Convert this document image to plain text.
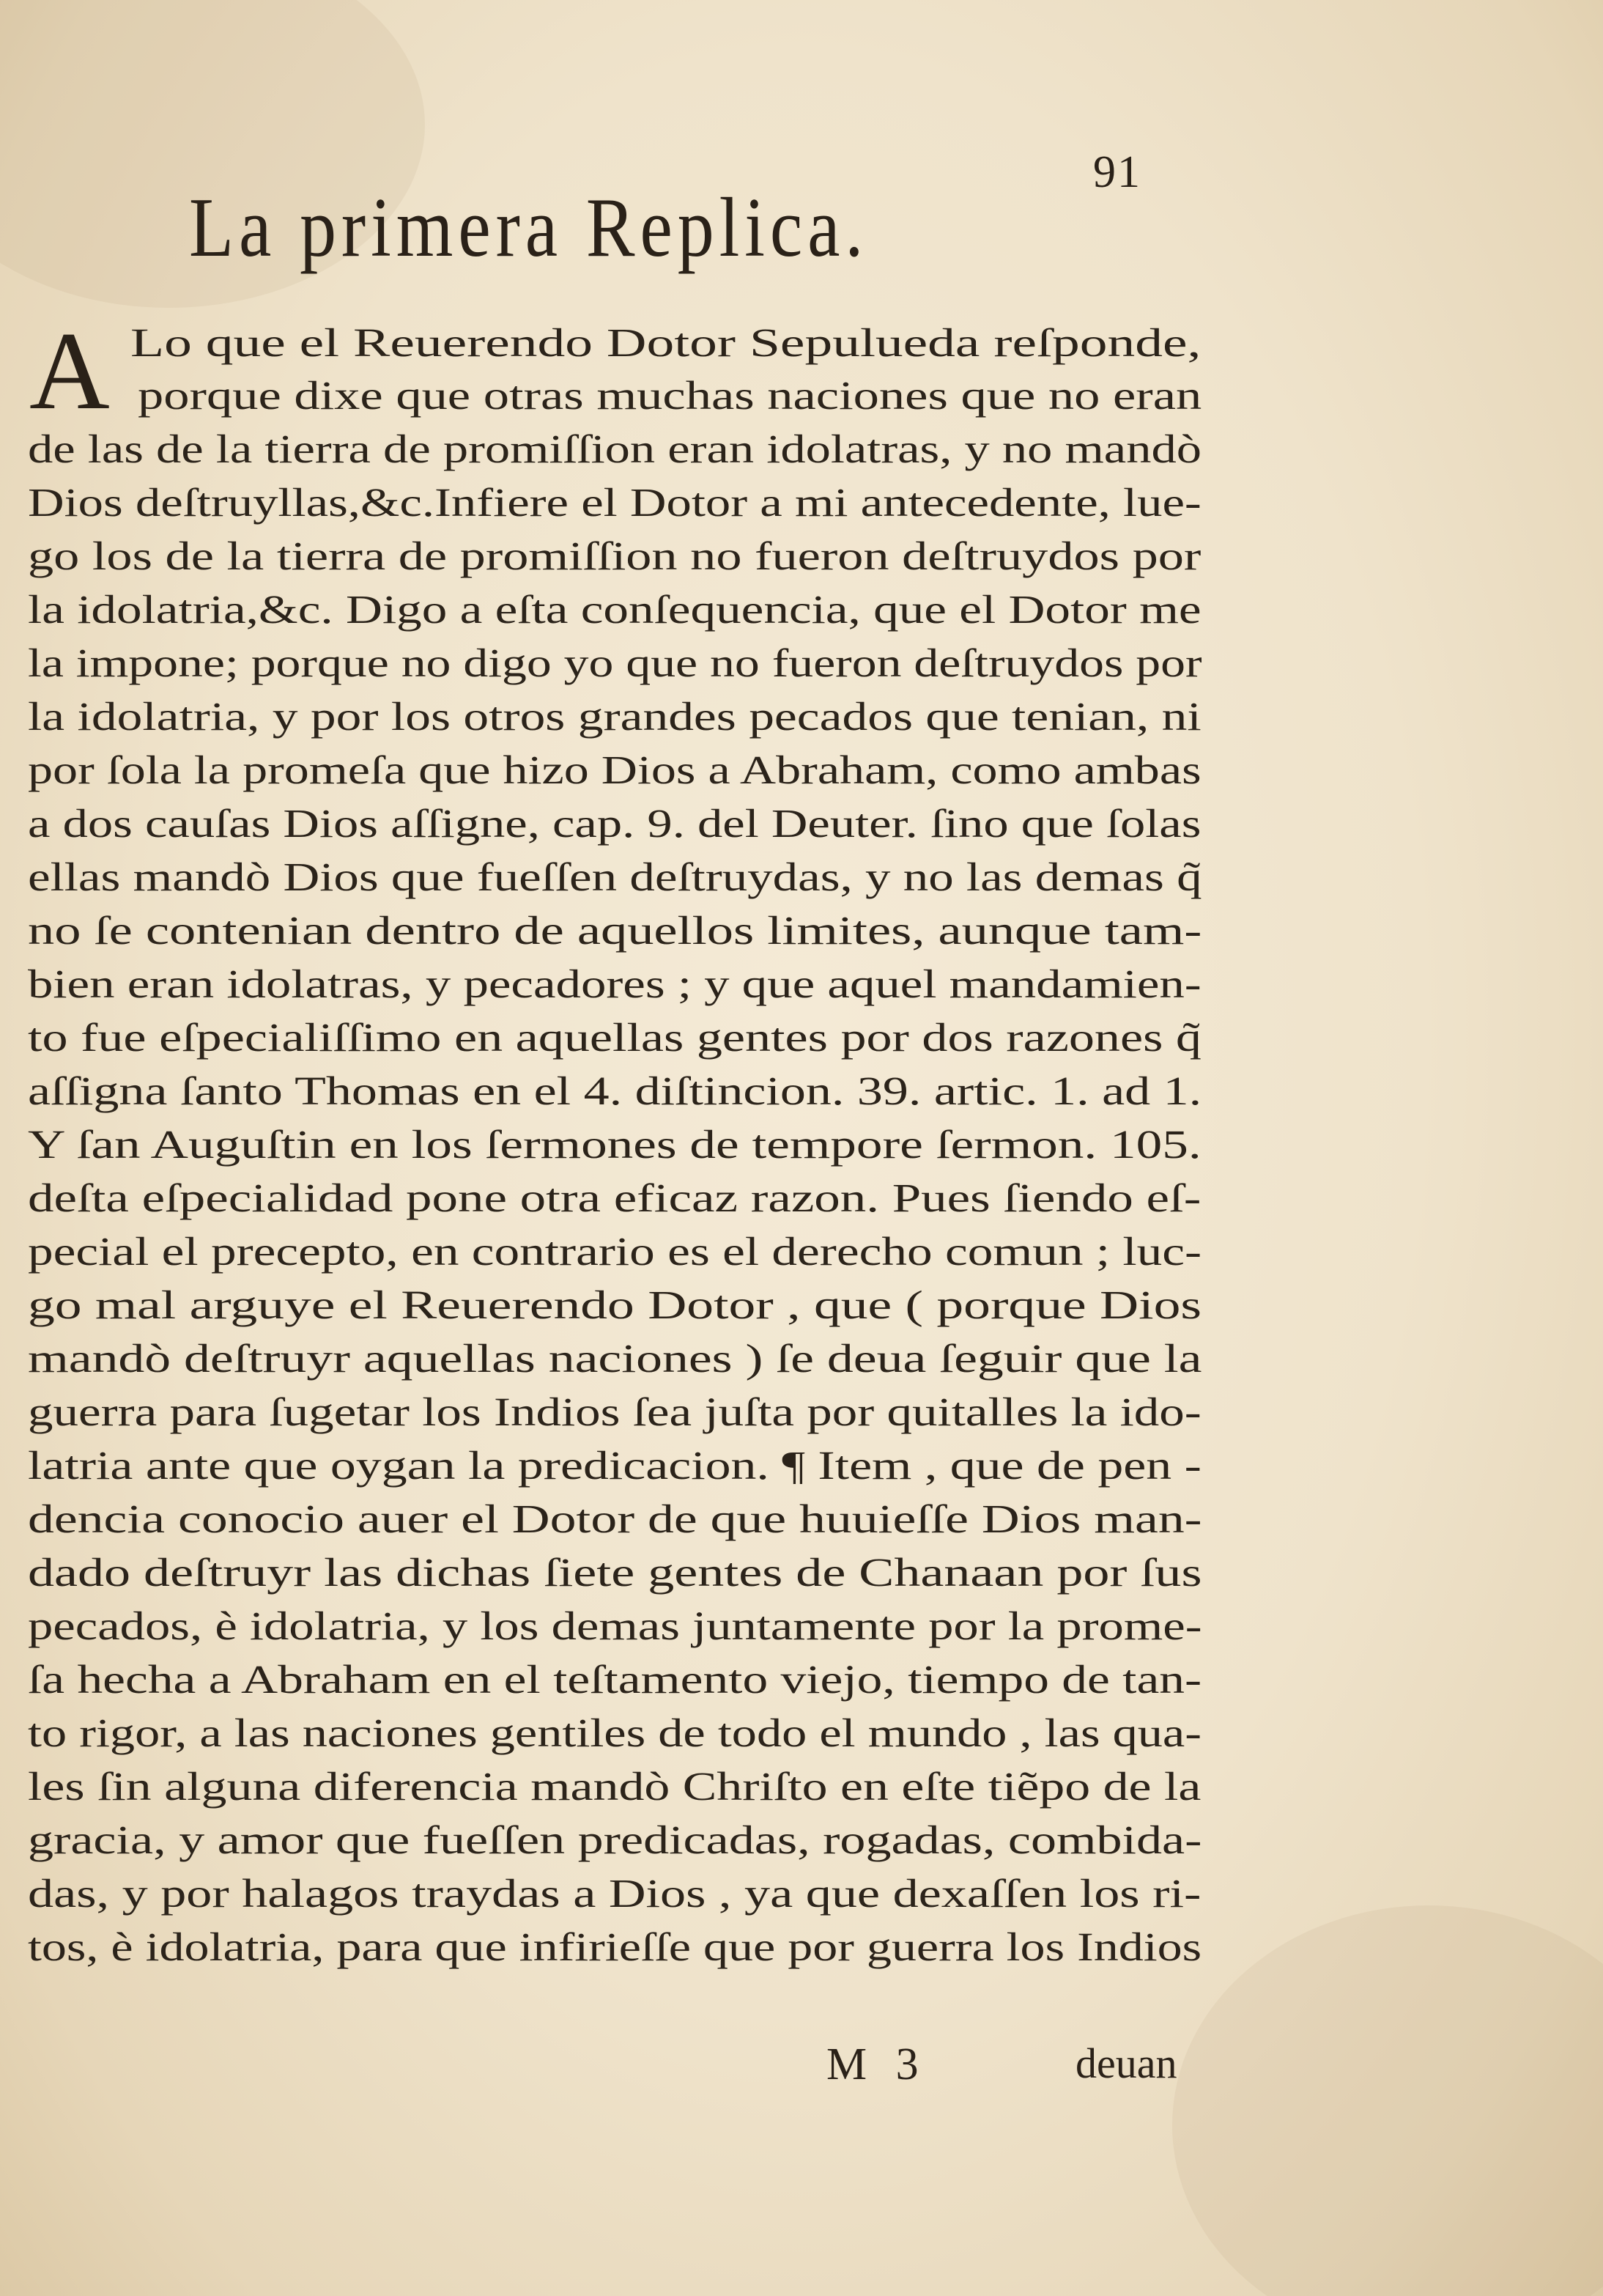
91
La primera Replica.
A Lo que el Reuerendo Dotor Sepulueda reſponde,
porque dixe que otras muchas naciones que no eran
de las de la tierra de promiſſion eran idolatras, y no mandò
Dios deſtruyllas,&c.Infiere el Dotor a mi antecedente, lue-
go los de la tierra de promiſſion no fueron deſtruydos por
la idolatria,&c. Digo a eſta conſequencia, que el Dotor me
la impone; porque no digo yo que no fueron deſtruydos por
la idolatria, y por los otros grandes pecados que tenian, ni
por ſola la promeſa que hizo Dios a Abraham, como ambas
a dos cauſas Dios aſſigne, cap. 9. del Deuter. ſino que ſolas
ellas mandò Dios que fueſſen deſtruydas, y no las demas q̃
no ſe contenian dentro de aquellos limites, aunque tam-
bien eran idolatras, y pecadores ; y que aquel mandamien-
to fue eſpecialiſſimo en aquellas gentes por dos razones q̃
aſſigna ſanto Thomas en el 4. diſtincion. 39. artic. 1. ad 1.
Y ſan Auguſtin en los ſermones de tempore ſermon. 105.
deſta eſpecialidad pone otra eficaz razon. Pues ſiendo eſ-
pecial el precepto, en contrario es el derecho comun ; luc-
go mal arguye el Reuerendo Dotor , que ( porque Dios
mandò deſtruyr aquellas naciones ) ſe deua ſeguir que la
guerra para ſugetar los Indios ſea juſta por quitalles la ido-
latria ante que oygan la predicacion. ¶ Item , que de pen -
dencia conocio auer el Dotor de que huuieſſe Dios man-
dado deſtruyr las dichas ſiete gentes de Chanaan por ſus
pecados, è idolatria, y los demas juntamente por la prome-
ſa hecha a Abraham en el teſtamento viejo, tiempo de tan-
to rigor, a las naciones gentiles de todo el mundo , las qua-
les ſin alguna diferencia mandò Chriſto en eſte tiẽpo de la
gracia, y amor que fueſſen predicadas, rogadas, combida-
das, y por halagos traydas a Dios , ya que dexaſſen los ri-
tos, è idolatria, para que infirieſſe que por guerra los Indios
M 3	deuan
